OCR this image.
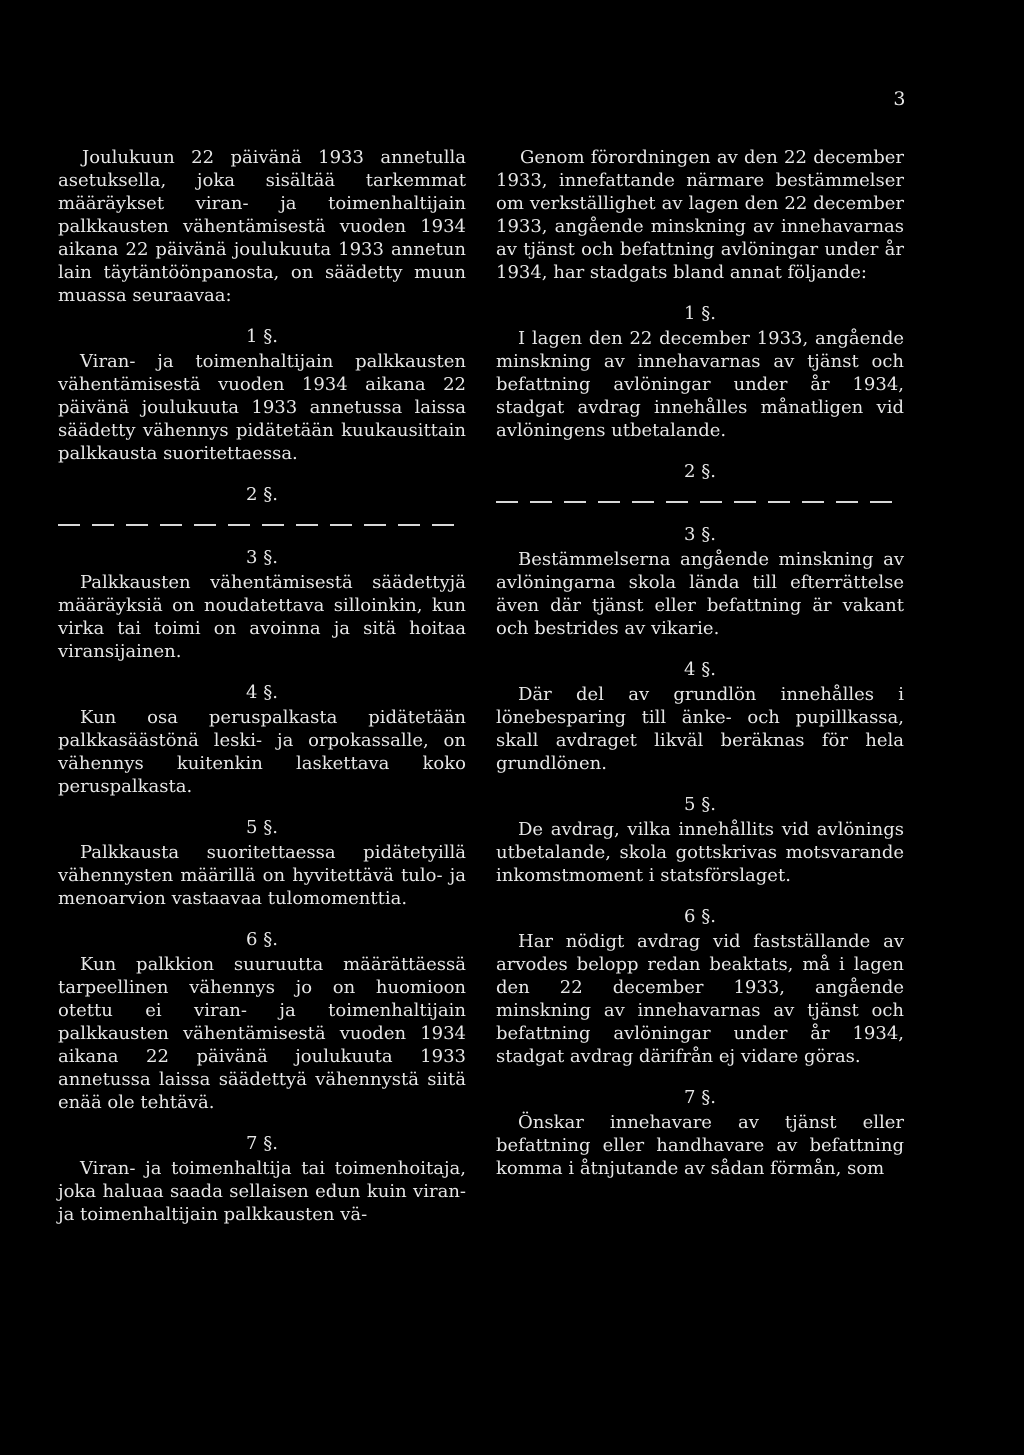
3

Joulukuun 22 päivänä 1933 annetulla asetuksella, joka sisältää tarkemmat määräykset viran- ja toimenhaltijain palkkausten vähentämisestä vuoden 1934 aikana 22 päivänä joulukuuta 1933 annetun lain täytäntöönpanosta, on säädetty muun muassa seuraavaa:

1 §.

Viran- ja toimenhaltijain palkkausten vähentämisestä vuoden 1934 aikana 22 päivänä joulukuuta 1933 annetussa laissa säädetty vähennys pidätetään kuukausittain palkkausta suoritettaessa.

2 §.
3 §.

Palkkausten vähentämisestä säädettyjä määräyksiä on noudatettava silloinkin, kun virka tai toimi on avoinna ja sitä hoitaa viransijainen.

4 §.

Kun osa peruspalkasta pidätetään palkkasäästönä leski- ja orpokassalle, on vähennys kuitenkin laskettava koko peruspalkasta.

5 §.

Palkkausta suoritettaessa pidätetyillä vähennysten määrillä on hyvitettävä tulo- ja menoarvion vastaavaa tulomomenttia.

6 §.

Kun palkkion suuruutta määrättäessä tarpeellinen vähennys jo on huomioon otettu ei viran- ja toimenhaltijain palkkausten vähentämisestä vuoden 1934 aikana 22 päivänä joulukuuta 1933 annetussa laissa säädettyä vähennystä siitä enää ole tehtävä.

7 §.

Viran- ja toimenhaltija tai toimenhoitaja, joka haluaa saada sellaisen edun kuin viran- ja toimenhaltijain palkkausten vä-

Genom förordningen av den 22 december 1933, innefattande närmare bestämmelser om verkställighet av lagen den 22 december 1933, angående minskning av innehavarnas av tjänst och befattning avlöningar under år 1934, har stadgats bland annat följande:

1 §.

I lagen den 22 december 1933, angående minskning av innehavarnas av tjänst och befattning avlöningar under år 1934, stadgat avdrag innehålles månatligen vid avlöningens utbetalande.

2 §.
3 §.

Bestämmelserna angående minskning av avlöningarna skola lända till efterrättelse även där tjänst eller befattning är vakant och bestrides av vikarie.

4 §.

Där del av grundlön innehålles i lönebesparing till änke- och pupillkassa, skall avdraget likväl beräknas för hela grundlönen.

5 §.

De avdrag, vilka innehållits vid avlönings utbetalande, skola gottskrivas motsvarande inkomstmoment i statsförslaget.

6 §.

Har nödigt avdrag vid fastställande av arvodes belopp redan beaktats, må i lagen den 22 december 1933, angående minskning av innehavarnas av tjänst och befattning avlöningar under år 1934, stadgat avdrag därifrån ej vidare göras.

7 §.

Önskar innehavare av tjänst eller befattning eller handhavare av befattning komma i åtnjutande av sådan förmån, som
